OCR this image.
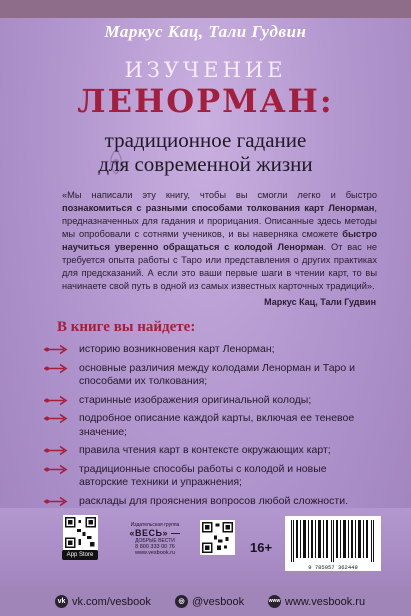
Маркус Кац, Тали Гудвин
ИЗУЧЕНИЕ
ЛЕНОРМАН:
традиционное гадание
для современной жизни
«Мы написали эту книгу, чтобы вы смогли легко и быстро познакомиться с разными способами толкования карт Ленорман, предназначенных для гадания и прорицания. Описанные здесь методы мы опробовали с сотнями учеников, и вы наверняка сможете быстро научиться уверенно обращаться с колодой Ленорман. От вас не требуется опыта работы с Таро или представления о других практиках для предсказаний. А если это ваши первые шаги в чтении карт, то вы начинаете свой путь в одной из самых известных карточных традиций».
Маркус Кац, Тали Гудвин
В книге вы найдете:
историю возникновения карт Ленорман;
основные различия между колодами Ленорман и Таро и способами их толкования;
старинные изображения оригинальной колоды;
подробное описание каждой карты, включая ее теневое значение;
правила чтения карт в контексте окружающих карт;
традиционные способы работы с колодой и новые авторские техники и упражнения;
расклады для прояснения вопросов любой сложности.
App Store
Издательская группа
«ВЕСЬ» —
ДОБРЫЕ ВЕСТИ
8 800 333 00 76
www.vesbook.ru	16+
9 785957 362449
vk vk.com/vesbook	◎ @vesbook	www www.vesbook.ru
